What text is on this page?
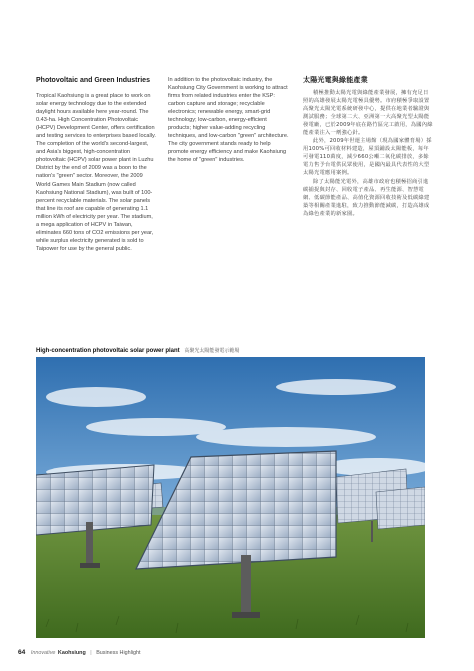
Photovoltaic and Green Industries

Tropical Kaohsiung is a great place to work on solar energy technology due to the extended daylight hours available here year-round. The 0.43-ha. High Concentration Photovoltaic (HCPV) Development Center, offers certification and testing services to enterprises based locally. The completion of the world's second-largest, and Asia's biggest, high-concentration photovoltaic (HCPV) solar power plant in Luzhu District by the end of 2009 was a boon to the nation's "green" sector. Moreover, the 2009 World Games Main Stadium (now called Kaohsiung National Stadium), was built of 100-percent recyclable materials. The solar panels that line its roof are capable of generating 1.1 million kWh of electricity per year. The stadium, a mega application of HCPV in Taiwan, eliminates 660 tons of CO2 emissions per year, while surplus electricity generated is sold to Taipower for use by the general public.

In addition to the photovoltaic industry, the Kaohsiung City Government is working to attract firms from related industries enter the KSP: carbon capture and storage; recyclable electronics; renewable energy, smart-grid technology; low-carbon, energy-efficient products; higher value-adding recycling techniques, and low-carbon "green" architecture. The city government stands ready to help promote energy efficiency and make Kaohsiung the home of "green" industries.

太陽光電與綠能產業

積極推動太陽光電與綠能產業發展，擁有充足日照的高雄發展太陽光電極具優勢。市府積極爭取設置高聚光太陽光電系統研發中心，提供在地業者驗證與測試服務；全球第二大、亞洲第一大高聚光型太陽能發電廠，已於2009年底在路竹區完工啟用，為國內綠能產業注入一劑強心針。

此外，2009年世運主場館（現為國家體育場）採用100%可回收材料建造，屋頂鋪設太陽能板，每年可發電110萬度，減少660公噸二氧化碳排放，多餘電力售予台電供民眾使用，是國內最具代表性的大型太陽光電應用案例。

除了太陽能光電外，高雄市政府也積極招商引進碳捕捉與封存、回收電子產品、再生能源、智慧電網、低碳節能產品、高值化資源回收技術及低碳綠建築等相關產業進駐，致力推動節能減碳，打造高雄成為綠色產業的新家園。

High-concentration photovoltaic solar power plant 高聚光太陽能發電示範場
64 Innovative Kaohsiung | Business Highlight
